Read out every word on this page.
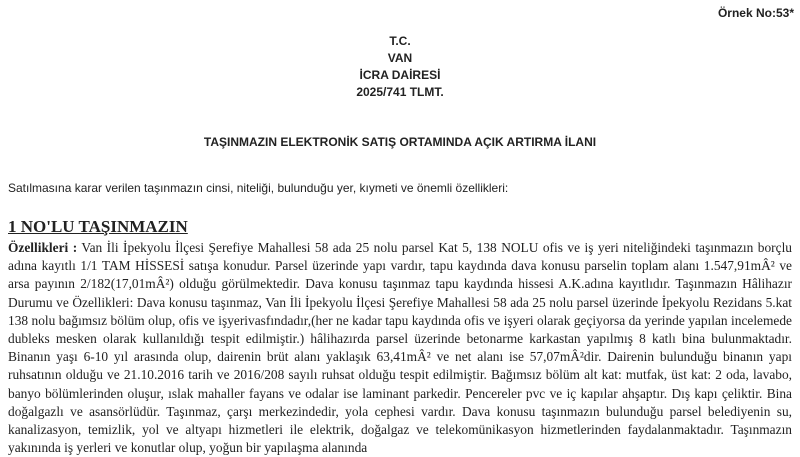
Örnek No:53*
T.C.
VAN
İCRA DAİRESİ
2025/741 TLMT.
TAŞINMAZIN ELEKTRONİK SATIŞ ORTAMINDA AÇIK ARTIRMA İLANI
Satılmasına karar verilen taşınmazın cinsi, niteliği, bulunduğu yer, kıymeti ve önemli özellikleri:
1 NO'LU TAŞINMAZIN

Özellikleri : Van İli İpekyolu İlçesi Şerefiye Mahallesi 58 ada 25 nolu parsel Kat 5, 138 NOLU ofis ve iş yeri niteliğindeki taşınmazın borçlu adına kayıtlı 1/1 TAM HİSSESİ satışa konudur. Parsel üzerinde yapı vardır, tapu kaydında dava konusu parselin toplam alanı 1.547,91mÂ² ve arsa payının 2/182(17,01mÂ²) olduğu görülmektedir. Dava konusu taşınmaz tapu kaydında hissesi A.K.adına kayıtlıdır. Taşınmazın Hâlihazır Durumu ve Özellikleri: Dava konusu taşınmaz, Van İli İpekyolu İlçesi Şerefiye Mahallesi 58 ada 25 nolu parsel üzerinde İpekyolu Rezidans 5.kat 138 nolu bağımsız bölüm olup, ofis ve işyerivasfındadır,(her ne kadar tapu kaydında ofis ve işyeri olarak geçiyorsa da yerinde yapılan incelemede dubleks mesken olarak kullanıldığı tespit edilmiştir.) hâlihazırda parsel üzerinde betonarme karkastan yapılmış 8 katlı bina bulunmaktadır. Binanın yaşı 6-10 yıl arasında olup, dairenin brüt alanı yaklaşık 63,41mÂ² ve net alanı ise 57,07mÂ²dir. Dairenin bulunduğu binanın yapı ruhsatının olduğu ve 21.10.2016 tarih ve 2016/208 sayılı ruhsat olduğu tespit edilmiştir. Bağımsız bölüm alt kat: mutfak, üst kat: 2 oda, lavabo, banyo bölümlerinden oluşur, ıslak mahaller fayans ve odalar ise laminant parkedir. Pencereler pvc ve iç kapılar ahşaptır. Dış kapı çeliktir. Bina doğalgazlı ve asansörlüdür. Taşınmaz, çarşı merkezindedir, yola cephesi vardır. Dava konusu taşınmazın bulunduğu parsel belediyenin su, kanalizasyon, temizlik, yol ve altyapı hizmetleri ile elektrik, doğalgaz ve telekomünikasyon hizmetlerinden faydalanmaktadır. Taşınmazın yakınında iş yerleri ve konutlar olup, yoğun bir yapılaşma alanında
